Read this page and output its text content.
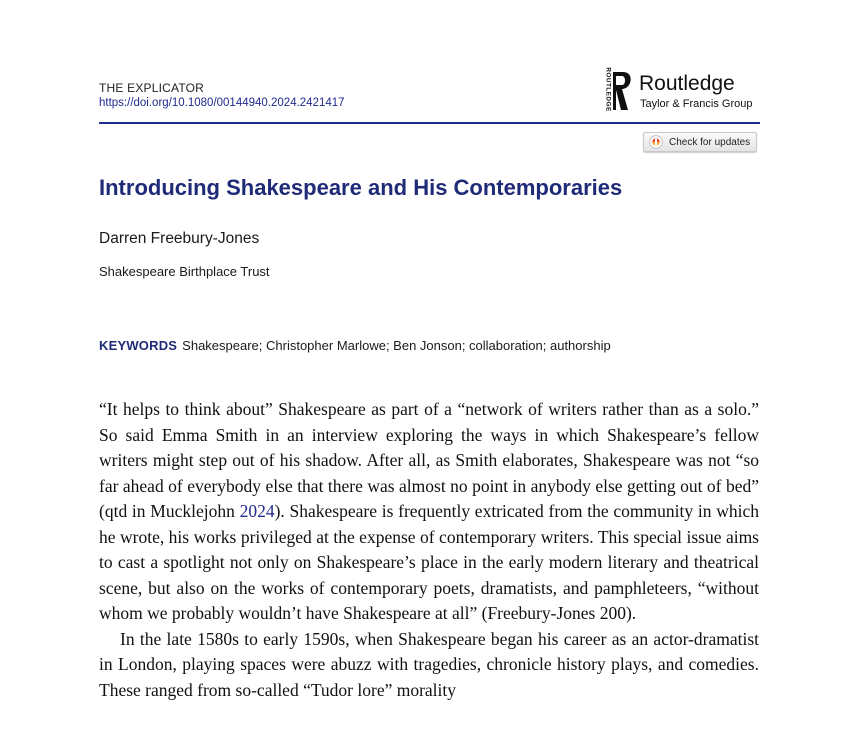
THE EXPLICATOR
https://doi.org/10.1080/00144940.2024.2421417	ROUTLEDGE Routledge
Taylor & Francis Group
Check for updates
Introducing Shakespeare and His Contemporaries
Darren Freebury-Jones
Shakespeare Birthplace Trust
KEYWORDS Shakespeare; Christopher Marlowe; Ben Jonson; collaboration; authorship

“It helps to think about” Shakespeare as part of a “network of writers rather than as a solo.” So said Emma Smith in an interview exploring the ways in which Shakespeare’s fellow writers might step out of his shadow. After all, as Smith elaborates, Shakespeare was not “so far ahead of everybody else that there was almost no point in anybody else getting out of bed” (qtd in Mucklejohn 2024). Shakespeare is frequently extricated from the community in which he wrote, his works privileged at the expense of contemporary writers. This special issue aims to cast a spotlight not only on Shakespeare’s place in the early modern literary and theatrical scene, but also on the works of contemporary poets, dramatists, and pamphleteers, “without whom we probably wouldn’t have Shakespeare at all” (Freebury-Jones 200).

In the late 1580s to early 1590s, when Shakespeare began his career as an actor-dramatist in London, playing spaces were abuzz with tragedies, chronicle history plays, and comedies. These ranged from so-called “Tudor lore” morality
